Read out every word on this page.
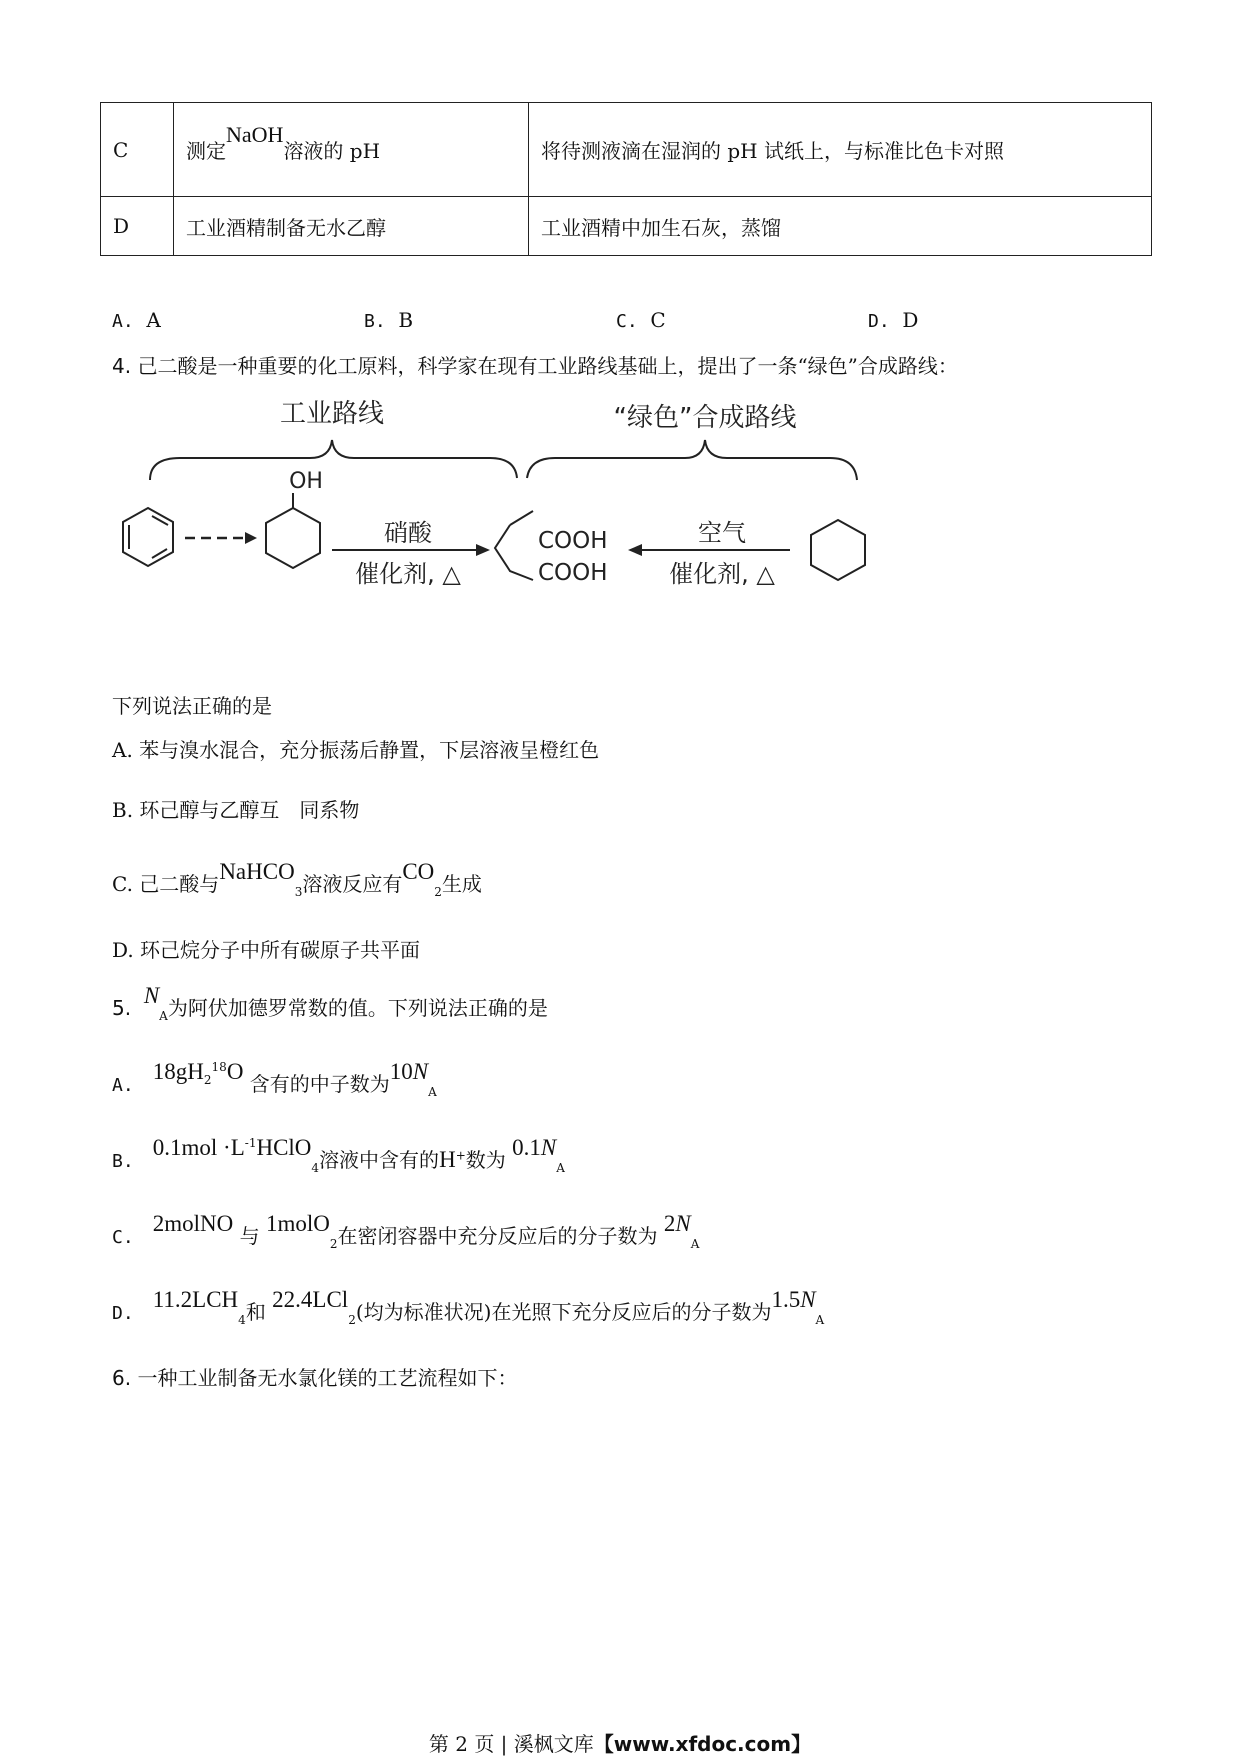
C	测定NaOH溶液的 pH	将待测液滴在湿润的 pH 试纸上，与标准比色卡对照
D	工业酒精制备无水乙醇	工业酒精中加生石灰，蒸馏
A. A	B. B	C. C	D. D
4. 己二酸是一种重要的化工原料，科学家在现有工业路线基础上，提出了一条“绿色”合成路线：
工业路线	“绿色”合成路线
OH
硝酸
催化剂, △
COOH
COOH
空气
催化剂, △
下列说法正确的是
A. 苯与溴水混合，充分振荡后静置，下层溶液呈橙红色
B. 环己醇与乙醇互　同系物
C. 己二酸与NaHCO$_3$溶液反应有$CO_2$生成
D. 环己烷分子中所有碳原子共平面
5. $N_A$为阿伏加德罗常数的值。下列说法正确的是
A.   $18gH_2^{18}O$ 含有的中子数为$10N_A$
B.   $0.1mol \cdot L^{-1}HClO_4$溶液中含有的H+数为 $0.1N_A$
C.   2molNO 与 1molO$_2$在密闭容器中充分反应后的分子数为 $2N_A$
D.   $11.2LCH_4$和 22.4LCl$_2$(均为标准状况)在光照下充分反应后的分子数为$1.5N_A$
6. 一种工业制备无水氯化镁的工艺流程如下：
第 2 页 | 溪枫文库【www.xfdoc.com】
